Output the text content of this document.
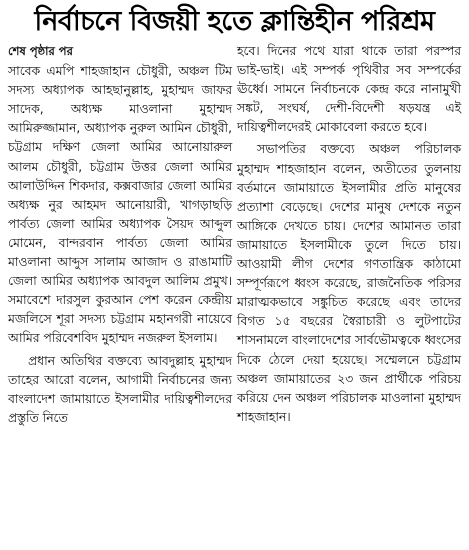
নির্বাচনে বিজয়ী হতে ক্লান্তিহীন পরিশ্রম

শেষ পৃষ্ঠার পর

সাবেক এমপি শাহজাহান চৌধুরী, অঞ্চল টিম সদস্য অধ্যাপক আহছানুল্লাহ, মুহাম্মদ জাফর সাদেক, অধ্যক্ষ মাওলানা মুহাম্মদ আমিরুজ্জামান, অধ্যাপক নুরুল আমিন চৌধুরী, চট্টগ্রাম দক্ষিণ জেলা আমির আনোয়ারুল আলম চৌধুরী, চট্টগ্রাম উত্তর জেলা আমির আলাউদ্দিন শিকদার, কক্সবাজার জেলা আমির অধ্যক্ষ নুর আহমদ আনোয়ারী, খাগড়াছড়ি পার্বত্য জেলা আমির অধ্যাপক সৈয়দ আব্দুল মোমেন, বান্দরবান পার্বত্য জেলা আমির মাওলানা আব্দুস সালাম আজাদ ও রাঙামাটি জেলা আমির অধ্যাপক আবদুল আলিম প্রমুখ। সমাবেশে দারসুল কুরআন পেশ করেন কেন্দ্রীয় মজলিসে শূরা সদস্য চট্টগ্রাম মহানগরী নায়েবে আমির পরিবেশবিদ মুহাম্মদ নজরুল ইসলাম।

প্রধান অতিথির বক্তব্যে আবদুল্লাহ মুহাম্মদ তাহের আরো বলেন, আগামী নির্বাচনের জন্য বাংলাদেশ জামায়াতে ইসলামীর দায়িত্বশীলদের প্রস্তুতি নিতে

হবে। দিনের পথে যারা থাকে তারা পরস্পর ভাই-ভাই। এই সম্পর্ক পৃথিবীর সব সম্পর্কের ঊর্ধ্বে। সামনে নির্বাচনকে কেন্দ্র করে নানামুখী সঙ্কট, সংঘর্ষ, দেশী-বিদেশী ষড়যন্ত্র এই দায়িত্বশীলদেরই মোকাবেলা করতে হবে।

সভাপতির বক্তব্যে অঞ্চল পরিচালক মুহাম্মদ শাহজাহান বলেন, অতীতের তুলনায় বর্তমানে জামায়াতে ইসলামীর প্রতি মানুষের প্রত্যাশা বেড়েছে। দেশের মানুষ দেশকে নতুন আঙ্গিকে দেখতে চায়। দেশের আমানত তারা জামায়াতে ইসলামীকে তুলে দিতে চায়। আওয়ামী লীগ দেশের গণতান্ত্রিক কাঠামো সম্পূর্ণরূপে ধ্বংস করেছে, রাজনৈতিক পরিসর মারাত্মকভাবে সঙ্কুচিত করেছে এবং তাদের বিগত ১৫ বছরের স্বৈরাচারী ও লুটপাটের শাসনামলে বাংলাদেশের সার্বভৌমত্বকে ধ্বংসের দিকে ঠেলে দেয়া হয়েছে। সম্মেলনে চট্টগ্রাম অঞ্চল জামায়াতের ২৩ জন প্রার্থীকে পরিচয় করিয়ে দেন অঞ্চল পরিচালক মাওলানা মুহাম্মদ শাহজাহান।
